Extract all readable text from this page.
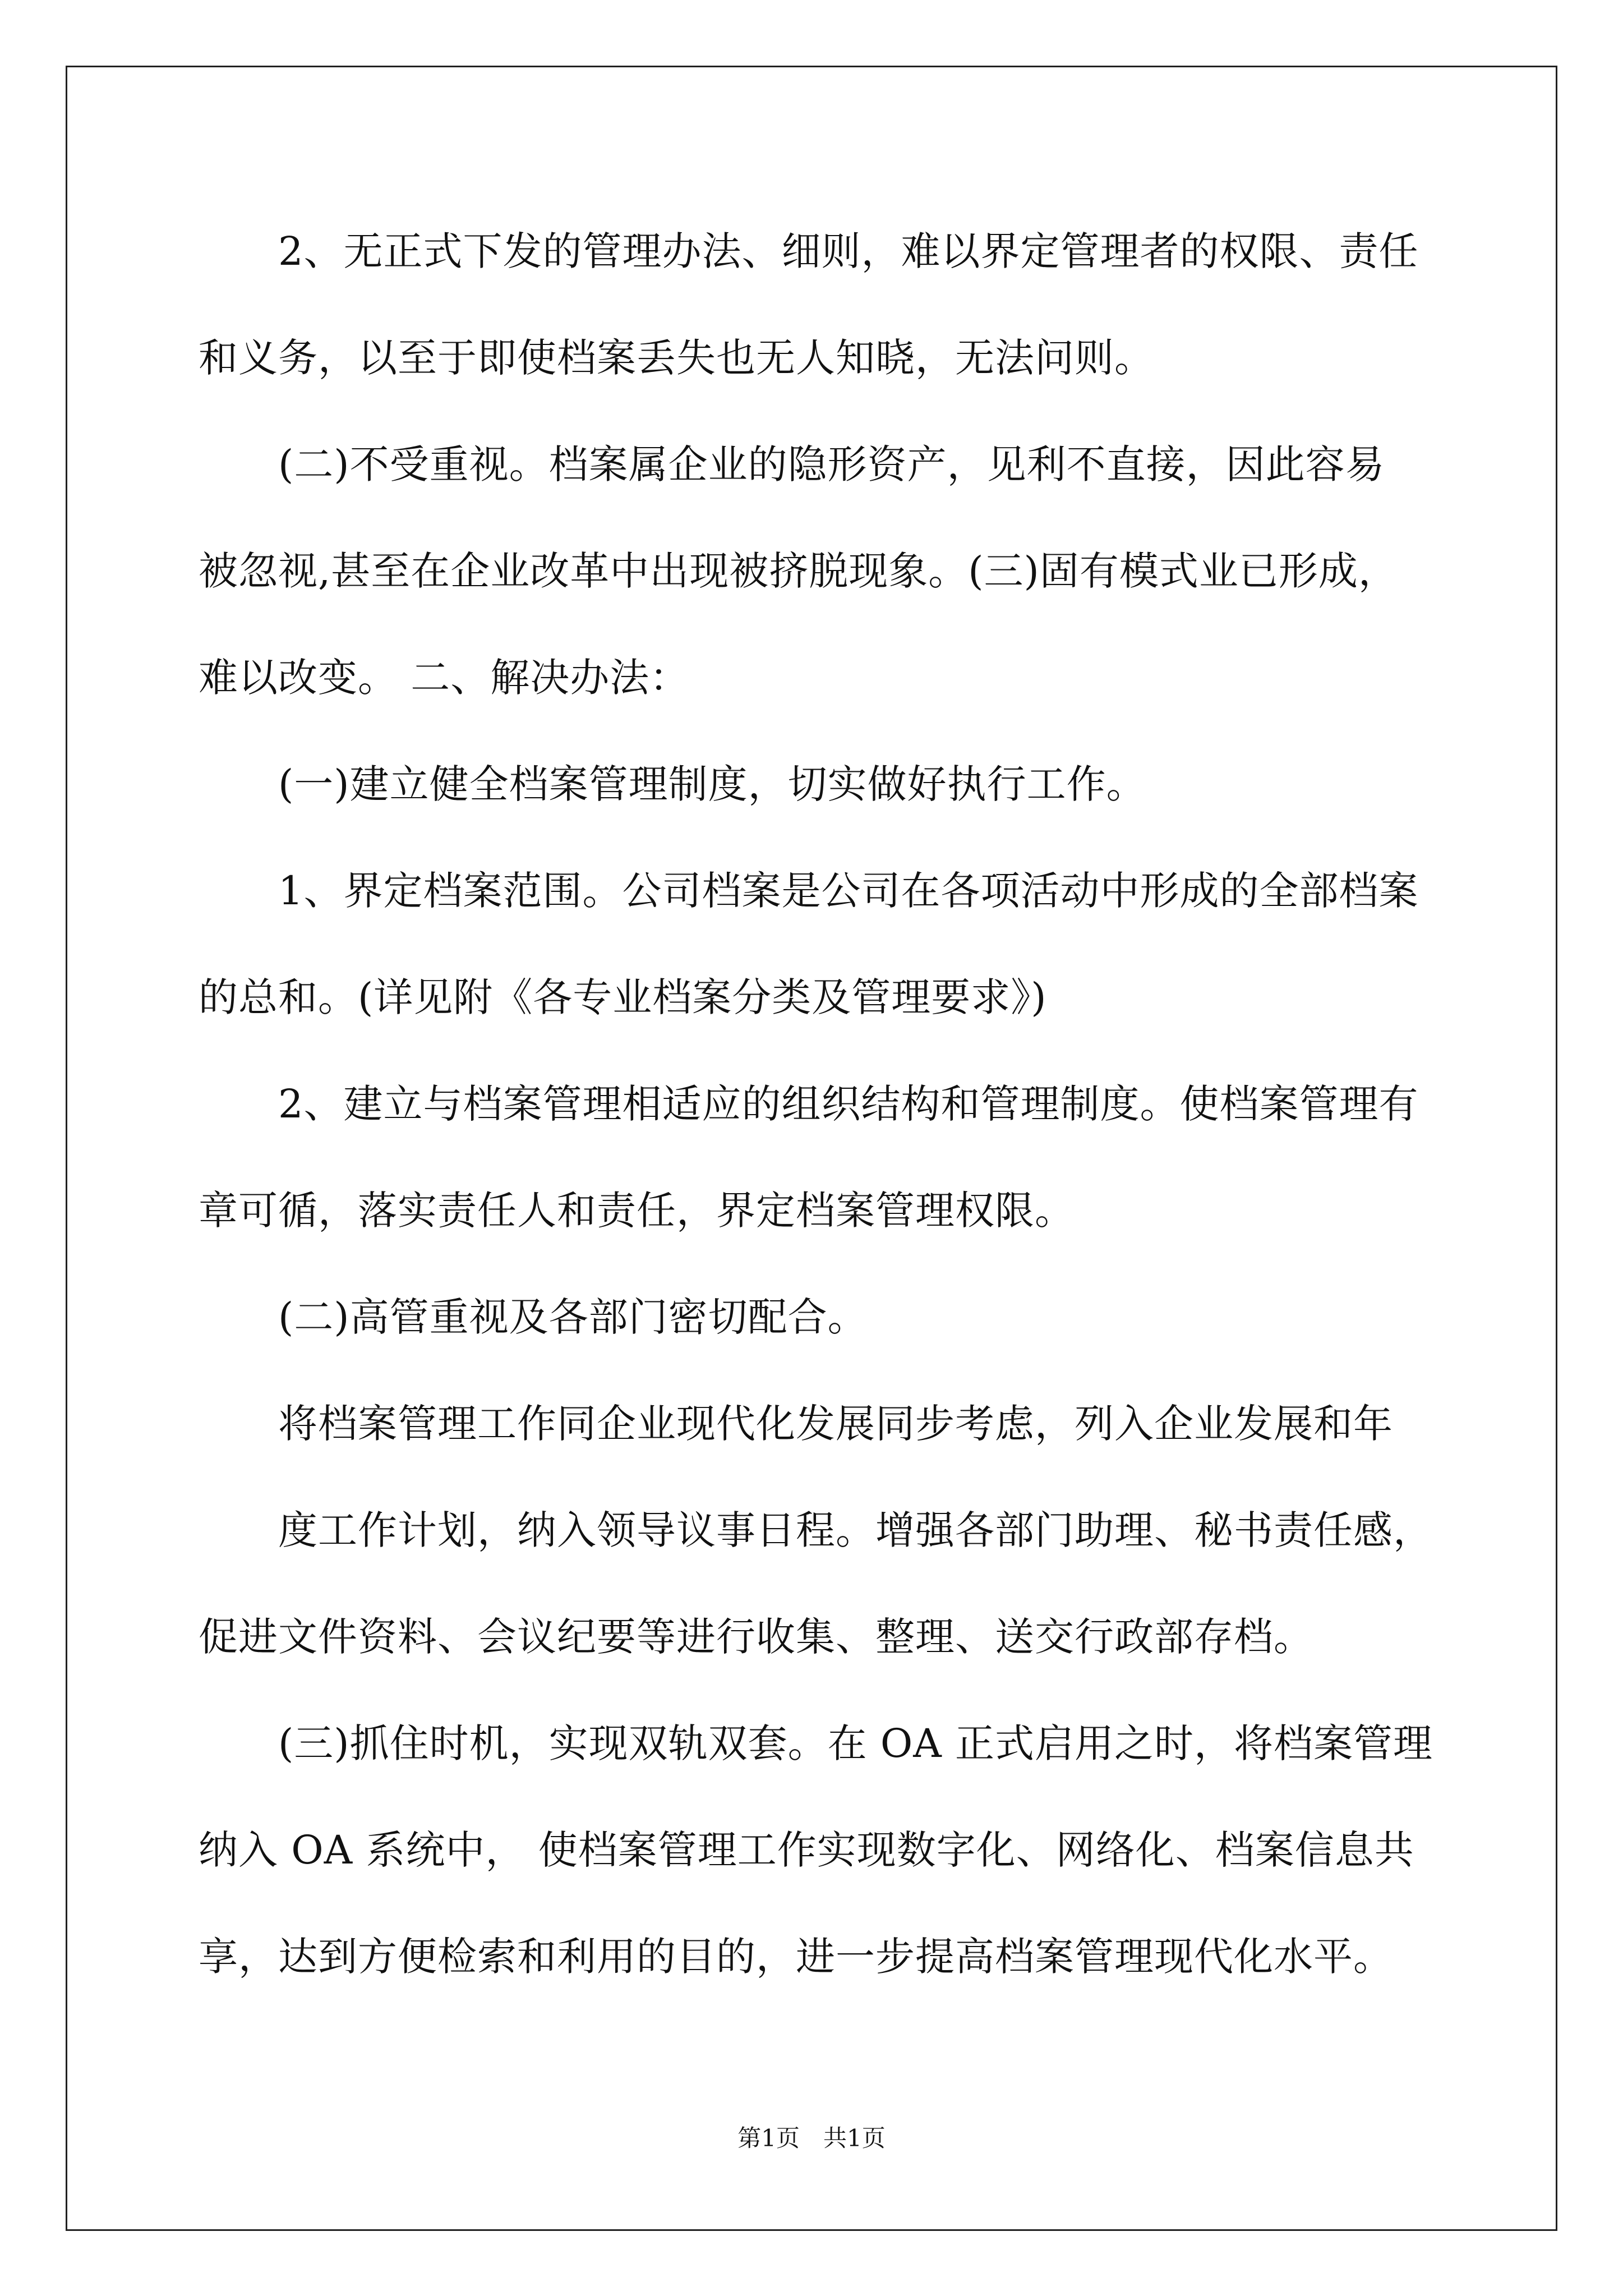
　　2、无正式下发的管理办法、细则，难以界定管理者的权限、责任
和义务，以至于即使档案丢失也无人知晓，无法问则。
　　(二)不受重视。档案属企业的隐形资产，见利不直接，因此容易
被忽视,甚至在企业改革中出现被挤脱现象。(三)固有模式业已形成，
难以改变。 二、解决办法：
　　(一)建立健全档案管理制度，切实做好执行工作。
　　1、界定档案范围。公司档案是公司在各项活动中形成的全部档案
的总和。(详见附《各专业档案分类及管理要求》)
　　2、建立与档案管理相适应的组织结构和管理制度。使档案管理有
章可循，落实责任人和责任，界定档案管理权限。
　　(二)高管重视及各部门密切配合。
　　将档案管理工作同企业现代化发展同步考虑，列入企业发展和年
　　度工作计划，纳入领导议事日程。增强各部门助理、秘书责任感，
促进文件资料、会议纪要等进行收集、整理、送交行政部存档。
　　(三)抓住时机，实现双轨双套。在 OA 正式启用之时，将档案管理
纳入 OA 系统中， 使档案管理工作实现数字化、网络化、档案信息共
享，达到方便检索和利用的目的，进一步提高档案管理现代化水平。
第1页　共1页
